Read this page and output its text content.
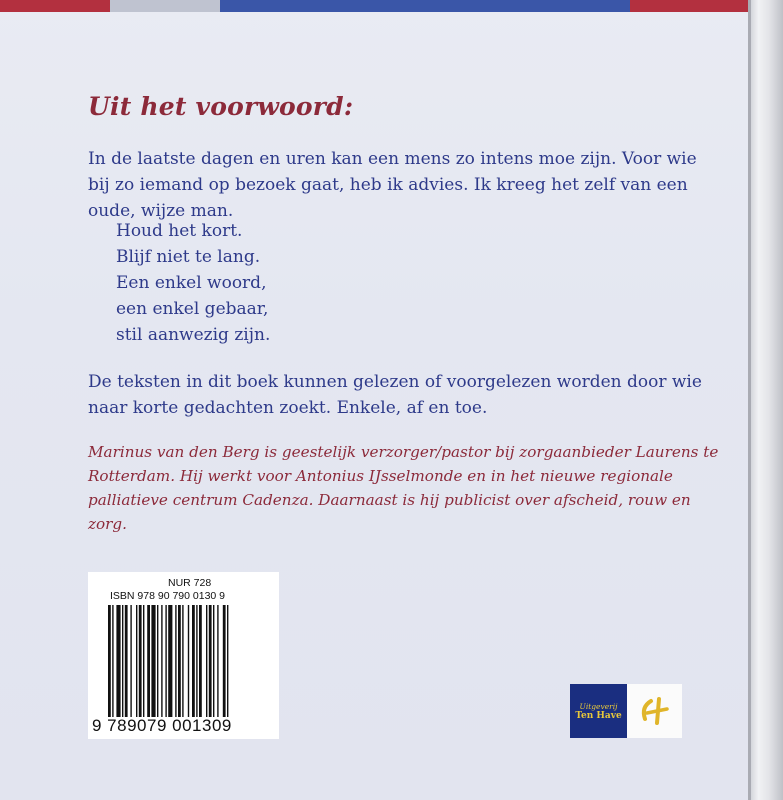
Uit het voorwoord:
In de laatste dagen en uren kan een mens zo intens moe zijn. Voor wie bij zo iemand op bezoek gaat, heb ik advies. Ik kreeg het zelf van een oude, wijze man.
Houd het kort.
Blijf niet te lang.
Een enkel woord,
een enkel gebaar,
stil aanwezig zijn.
De teksten in dit boek kunnen gelezen of voorgelezen worden door wie naar korte gedachten zoekt. Enkele, af en toe.
Marinus van den Berg is geestelijk verzorger/pastor bij zorgaanbieder Laurens te Rotterdam. Hij werkt voor Antonius IJsselmonde en in het nieuwe regionale palliatieve centrum Cadenza. Daarnaast is hij publicist over afscheid, rouw en zorg.
NUR 728
ISBN 978 90 790 0130 9
9 789079 001309
Uitgeverij
Ten Have
